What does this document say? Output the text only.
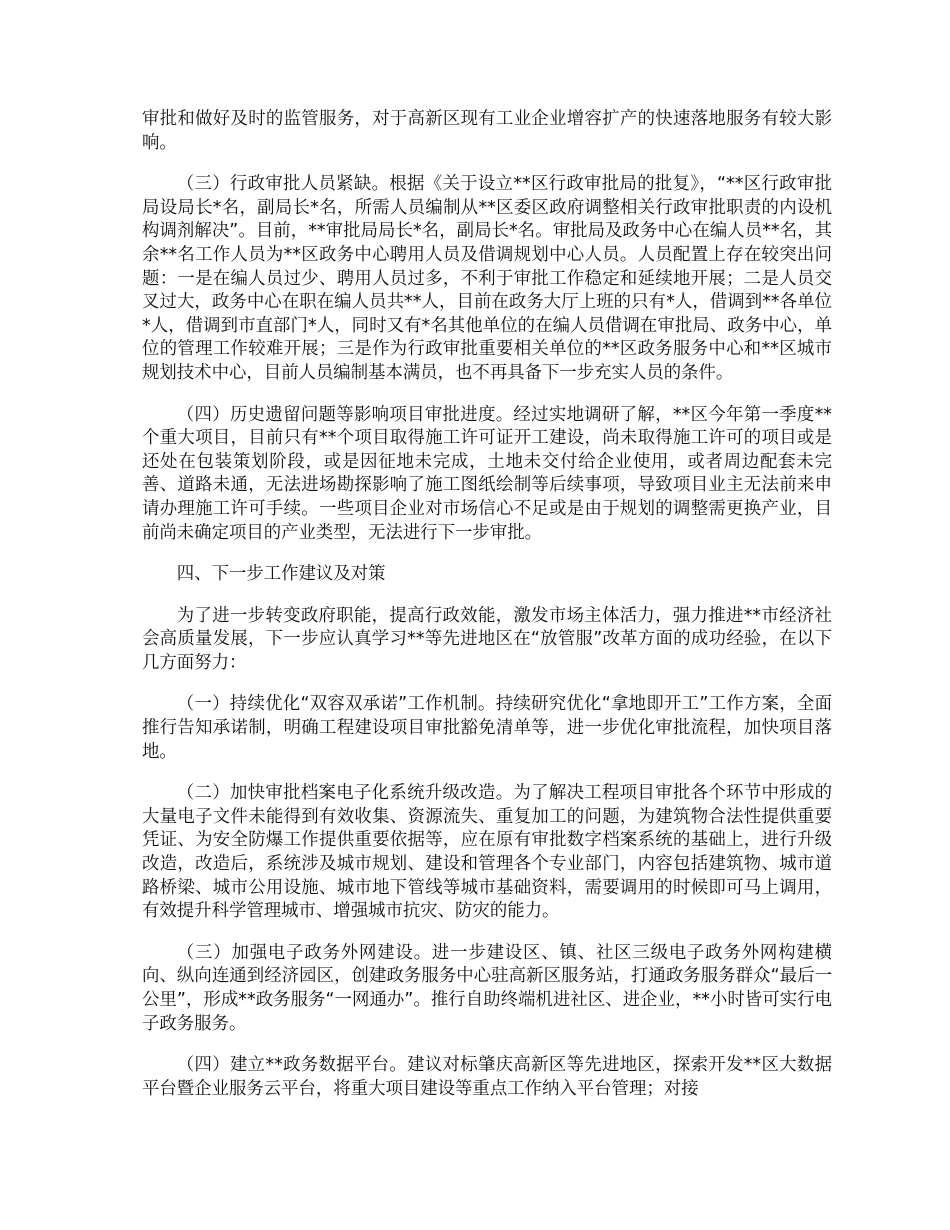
审批和做好及时的监管服务，对于高新区现有工业企业增容扩产的快速落地服务有较大影响。

（三）行政审批人员紧缺。根据《关于设立**区行政审批局的批复》，“**区行政审批局设局长*名，副局长*名，所需人员编制从**区委区政府调整相关行政审批职责的内设机构调剂解决”。目前，**审批局局长*名，副局长*名。审批局及政务中心在编人员**名，其余**名工作人员为**区政务中心聘用人员及借调规划中心人员。人员配置上存在较突出问题：一是在编人员过少、聘用人员过多，不利于审批工作稳定和延续地开展；二是人员交叉过大，政务中心在职在编人员共**人，目前在政务大厅上班的只有*人，借调到**各单位*人，借调到市直部门*人，同时又有*名其他单位的在编人员借调在审批局、政务中心，单位的管理工作较难开展；三是作为行政审批重要相关单位的**区政务服务中心和**区城市规划技术中心，目前人员编制基本满员，也不再具备下一步充实人员的条件。

（四）历史遗留问题等影响项目审批进度。经过实地调研了解，**区今年第一季度**个重大项目，目前只有**个项目取得施工许可证开工建设，尚未取得施工许可的项目或是还处在包装策划阶段，或是因征地未完成，土地未交付给企业使用，或者周边配套未完善、道路未通，无法进场勘探影响了施工图纸绘制等后续事项，导致项目业主无法前来申请办理施工许可手续。一些项目企业对市场信心不足或是由于规划的调整需更换产业，目前尚未确定项目的产业类型，无法进行下一步审批。

四、下一步工作建议及对策

为了进一步转变政府职能，提高行政效能，激发市场主体活力，强力推进**市经济社会高质量发展，下一步应认真学习**等先进地区在“放管服”改革方面的成功经验，在以下几方面努力：

（一）持续优化“双容双承诺”工作机制。持续研究优化“拿地即开工”工作方案，全面推行告知承诺制，明确工程建设项目审批豁免清单等，进一步优化审批流程，加快项目落地。

（二）加快审批档案电子化系统升级改造。为了解决工程项目审批各个环节中形成的大量电子文件未能得到有效收集、资源流失、重复加工的问题，为建筑物合法性提供重要凭证、为安全防爆工作提供重要依据等，应在原有审批数字档案系统的基础上，进行升级改造，改造后，系统涉及城市规划、建设和管理各个专业部门，内容包括建筑物、城市道路桥梁、城市公用设施、城市地下管线等城市基础资料，需要调用的时候即可马上调用，有效提升科学管理城市、增强城市抗灾、防灾的能力。

（三）加强电子政务外网建设。进一步建设区、镇、社区三级电子政务外网构建横向、纵向连通到经济园区，创建政务服务中心驻高新区服务站，打通政务服务群众“最后一公里”，形成**政务服务“一网通办”。推行自助终端机进社区、进企业，**小时皆可实行电子政务服务。

（四）建立**政务数据平台。建议对标肇庆高新区等先进地区，探索开发**区大数据平台暨企业服务云平台，将重大项目建设等重点工作纳入平台管理；对接
